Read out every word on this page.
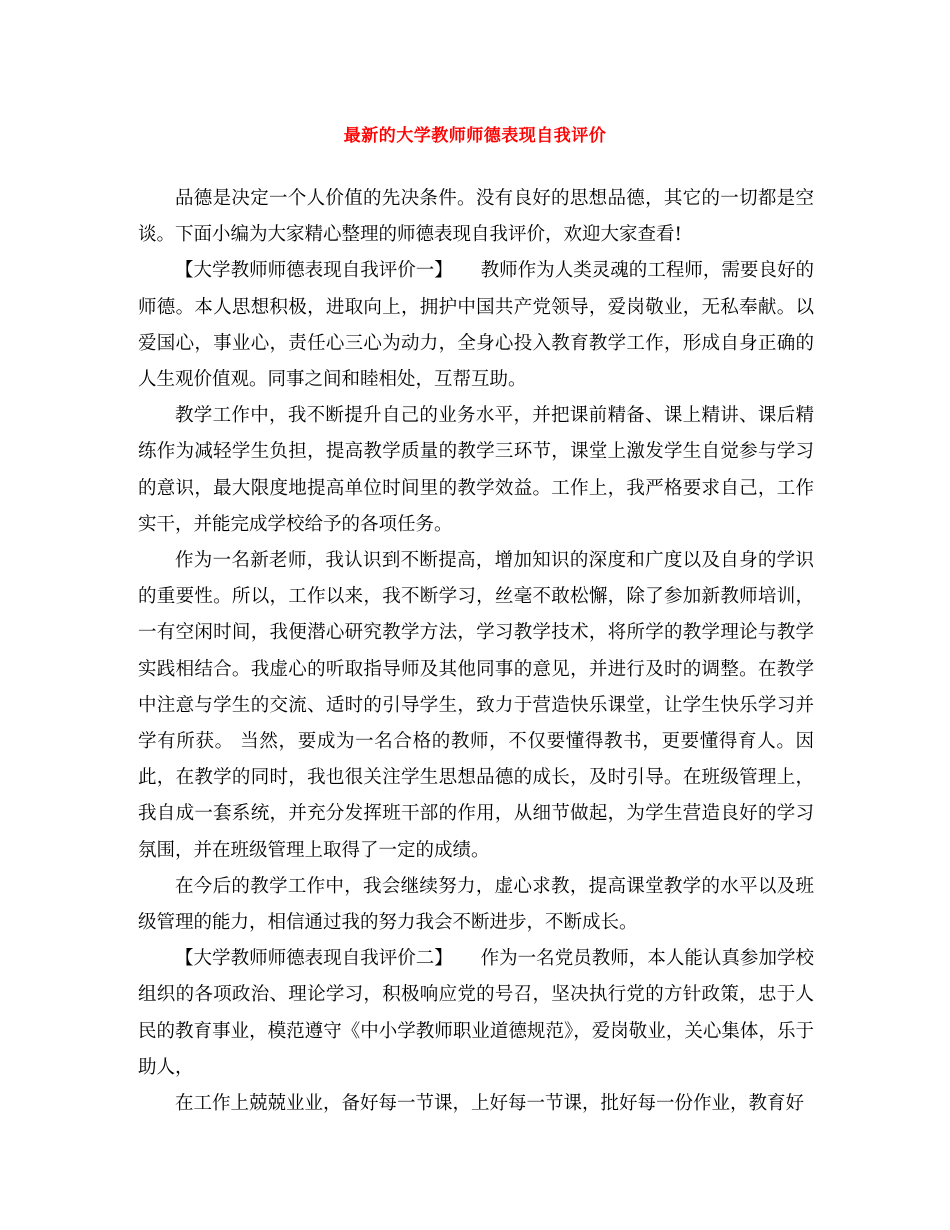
最新的大学教师师德表现自我评价

品德是决定一个人价值的先决条件。没有良好的思想品德，其它的一切都是空谈。下面小编为大家精心整理的师德表现自我评价，欢迎大家查看!

【大学教师师德表现自我评价一】　　教师作为人类灵魂的工程师，需要良好的师德。本人思想积极，进取向上，拥护中国共产党领导，爱岗敬业，无私奉献。以爱国心，事业心，责任心三心为动力，全身心投入教育教学工作，形成自身正确的人生观价值观。同事之间和睦相处，互帮互助。

教学工作中，我不断提升自己的业务水平，并把课前精备、课上精讲、课后精练作为减轻学生负担，提高教学质量的教学三环节，课堂上激发学生自觉参与学习的意识，最大限度地提高单位时间里的教学效益。工作上，我严格要求自己，工作实干，并能完成学校给予的各项任务。

作为一名新老师，我认识到不断提高，增加知识的深度和广度以及自身的学识的重要性。所以，工作以来，我不断学习，丝毫不敢松懈，除了参加新教师培训，一有空闲时间，我便潜心研究教学方法，学习教学技术，将所学的教学理论与教学实践相结合。我虚心的听取指导师及其他同事的意见，并进行及时的调整。在教学中注意与学生的交流、适时的引导学生，致力于营造快乐课堂，让学生快乐学习并学有所获。 当然，要成为一名合格的教师，不仅要懂得教书，更要懂得育人。因此，在教学的同时，我也很关注学生思想品德的成长，及时引导。在班级管理上，我自成一套系统，并充分发挥班干部的作用，从细节做起，为学生营造良好的学习氛围，并在班级管理上取得了一定的成绩。

在今后的教学工作中，我会继续努力，虚心求教，提高课堂教学的水平以及班级管理的能力，相信通过我的努力我会不断进步，不断成长。

【大学教师师德表现自我评价二】　　作为一名党员教师，本人能认真参加学校组织的各项政治、理论学习，积极响应党的号召，坚决执行党的方针政策，忠于人民的教育事业，模范遵守《中小学教师职业道德规范》，爱岗敬业，关心集体，乐于助人，

在工作上兢兢业业，备好每一节课，上好每一节课，批好每一份作业，教育好
